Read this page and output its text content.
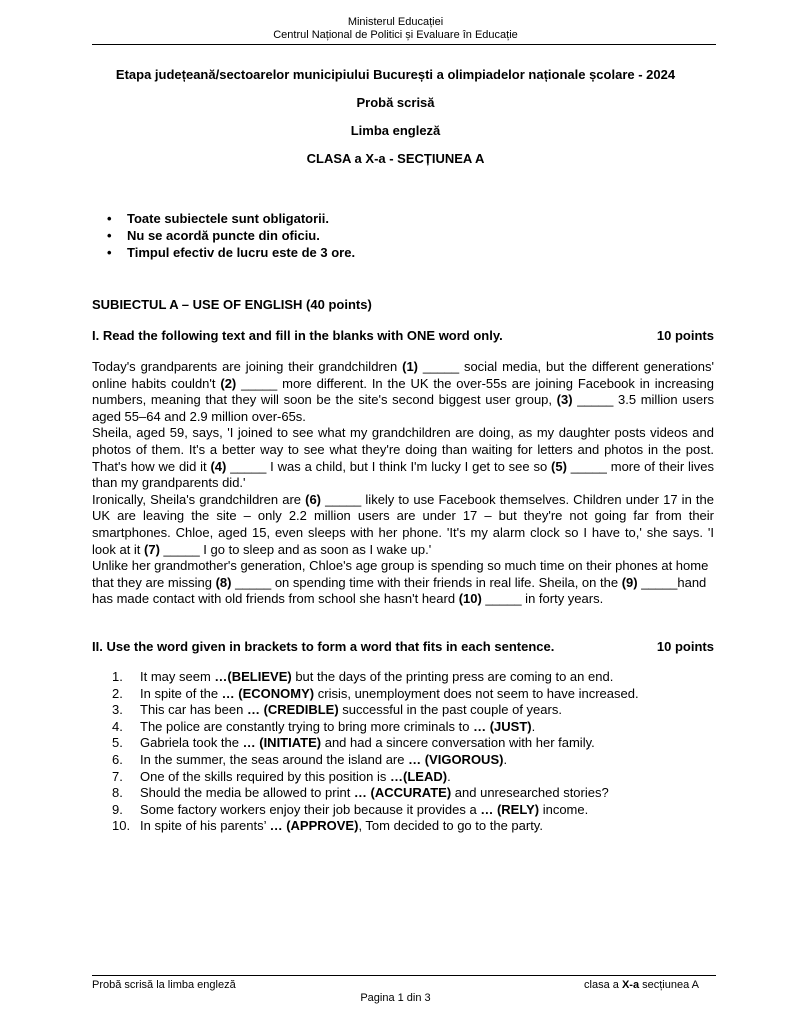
Ministerul Educației
Centrul Național de Politici și Evaluare în Educație
Etapa județeană/sectoarelor municipiului București a olimpiadelor naționale școlare - 2024
Probă scrisă
Limba engleză
CLASA a X-a - SECȚIUNEA A
• Toate subiectele sunt obligatorii.
• Nu se acordă puncte din oficiu.
• Timpul efectiv de lucru este de 3 ore.
SUBIECTUL A – USE OF ENGLISH (40 points)
I. Read the following text and fill in the blanks with ONE word only.	10 points

Today's grandparents are joining their grandchildren (1) _____ social media, but the different generations' online habits couldn't (2) _____ more different. In the UK the over-55s are joining Facebook in increasing numbers, meaning that they will soon be the site's second biggest user group, (3) _____ 3.5 million users aged 55–64 and 2.9 million over-65s.

Sheila, aged 59, says, 'I joined to see what my grandchildren are doing, as my daughter posts videos and photos of them. It's a better way to see what they're doing than waiting for letters and photos in the post. That's how we did it (4) _____ I was a child, but I think I'm lucky I get to see so (5) _____ more of their lives than my grandparents did.'

Ironically, Sheila's grandchildren are (6) _____ likely to use Facebook themselves. Children under 17 in the UK are leaving the site – only 2.2 million users are under 17 – but they're not going far from their smartphones. Chloe, aged 15, even sleeps with her phone. 'It's my alarm clock so I have to,' she says. 'I look at it (7) _____ I go to sleep and as soon as I wake up.'

Unlike her grandmother's generation, Chloe's age group is spending so much time on their phones at home that they are missing (8) _____ on spending time with their friends in real life. Sheila, on the (9) _____hand has made contact with old friends from school she hasn't heard (10) _____ in forty years.

II. Use the word given in brackets to form a word that fits in each sentence.	10 points
1. It may seem …(BELIEVE) but the days of the printing press are coming to an end.
2. In spite of the … (ECONOMY) crisis, unemployment does not seem to have increased.
3. This car has been … (CREDIBLE) successful in the past couple of years.
4. The police are constantly trying to bring more criminals to … (JUST).
5. Gabriela took the … (INITIATE) and had a sincere conversation with her family.
6. In the summer, the seas around the island are … (VIGOROUS).
7. One of the skills required by this position is …(LEAD).
8. Should the media be allowed to print … (ACCURATE) and unresearched stories?
9. Some factory workers enjoy their job because it provides a … (RELY) income.
10. In spite of his parents’ … (APPROVE), Tom decided to go to the party.
Probă scrisă la limba engleză	clasa a X-a secțiunea A
Pagina 1 din 3
